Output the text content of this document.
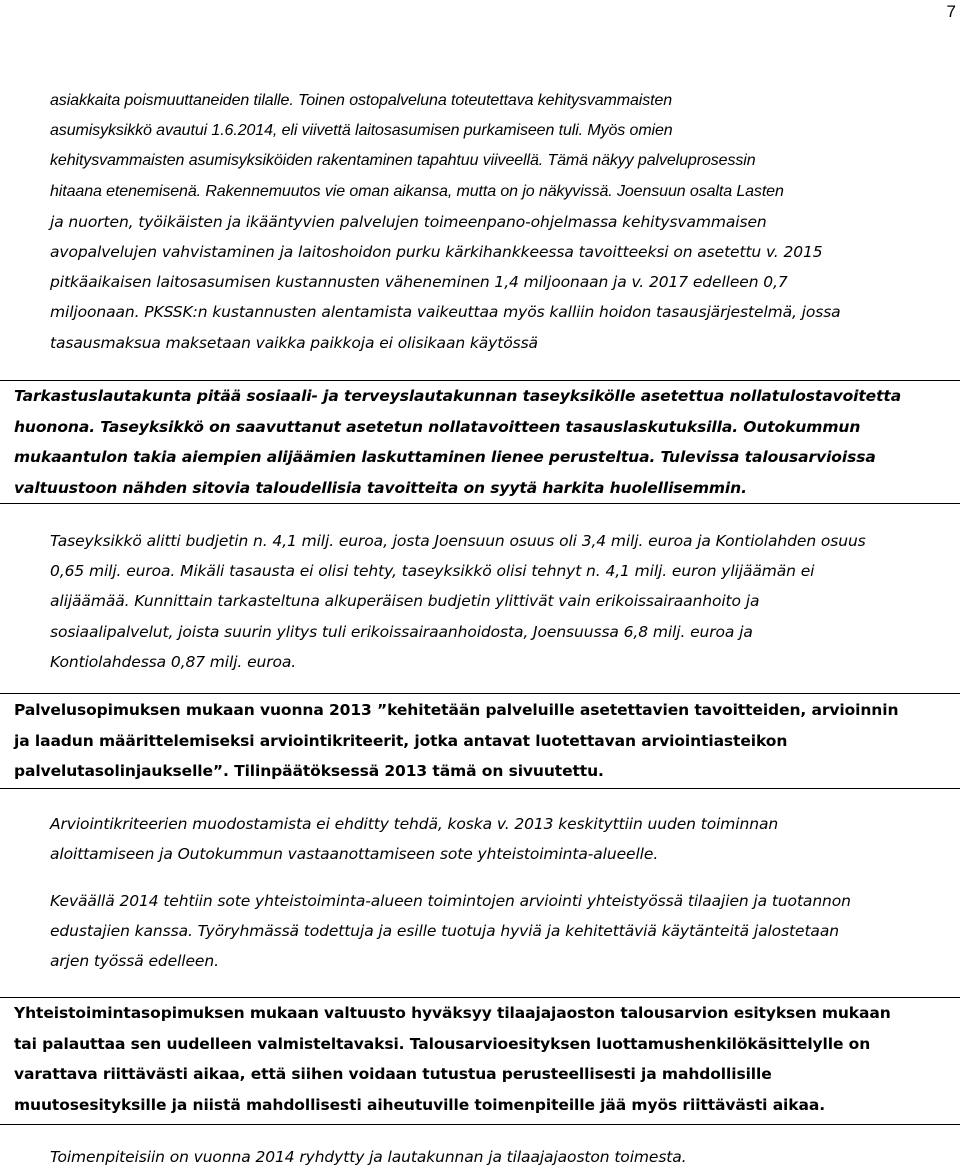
7
asiakkaita poismuuttaneiden tilalle. Toinen ostopalveluna toteutettava kehitysvammaisten
asumisyksikkö avautui 1.6.2014, eli viivettä laitosasumisen purkamiseen tuli. Myös omien
kehitysvammaisten asumisyksiköiden rakentaminen tapahtuu viiveellä. Tämä näkyy palveluprosessin
hitaana etenemisenä. Rakennemuutos vie oman aikansa, mutta on jo näkyvissä. Joensuun osalta Lasten
ja nuorten, työikäisten ja ikääntyvien palvelujen toimeenpano-ohjelmassa kehitysvammaisen
avopalvelujen vahvistaminen ja laitoshoidon purku kärkihankkeessa tavoitteeksi on asetettu v. 2015
pitkäaikaisen laitosasumisen kustannusten väheneminen 1,4 miljoonaan ja v. 2017 edelleen 0,7
miljoonaan. PKSSK:n kustannusten alentamista vaikeuttaa myös kalliin hoidon tasausjärjestelmä, jossa
tasausmaksua maksetaan vaikka paikkoja ei olisikaan käytössä
Tarkastuslautakunta pitää sosiaali- ja terveyslautakunnan taseyksikölle asetettua nollatulostavoitetta
huonona. Taseyksikkö on saavuttanut asetetun nollatavoitteen tasauslaskutuksilla. Outokummun
mukaantulon takia aiempien alijäämien laskuttaminen lienee perusteltua. Tulevissa talousarvioissa
valtuustoon nähden sitovia taloudellisia tavoitteita on syytä harkita huolellisemmin.
Taseyksikkö alitti budjetin n. 4,1 milj. euroa, josta Joensuun osuus oli 3,4 milj. euroa ja Kontiolahden osuus
0,65 milj. euroa. Mikäli tasausta ei olisi tehty, taseyksikkö olisi tehnyt n. 4,1 milj. euron ylijäämän ei
alijäämää. Kunnittain tarkasteltuna alkuperäisen budjetin ylittivät vain erikoissairaanhoito ja
sosiaalipalvelut, joista suurin ylitys tuli erikoissairaanhoidosta, Joensuussa 6,8 milj. euroa ja
Kontiolahdessa 0,87 milj. euroa.
Palvelusopimuksen mukaan vuonna 2013 ”kehitetään palveluille asetettavien tavoitteiden, arvioinnin
ja laadun määrittelemiseksi arviointikriteerit, jotka antavat luotettavan arviointiasteikon
palvelutasolinjaukselle”. Tilinpäätöksessä 2013 tämä on sivuutettu.
Arviointikriteerien muodostamista ei ehditty tehdä, koska v. 2013 keskityttiin uuden toiminnan
aloittamiseen ja Outokummun vastaanottamiseen sote yhteistoiminta-alueelle.
Keväällä 2014 tehtiin sote yhteistoiminta-alueen toimintojen arviointi yhteistyössä tilaajien ja tuotannon
edustajien kanssa. Työryhmässä todettuja ja esille tuotuja hyviä ja kehitettäviä käytänteitä jalostetaan
arjen työssä edelleen.
Yhteistoimintasopimuksen mukaan valtuusto hyväksyy tilaajajaoston talousarvion esityksen mukaan
tai palauttaa sen uudelleen valmisteltavaksi. Talousarvioesityksen luottamushenkilökäsittelylle on
varattava riittävästi aikaa, että siihen voidaan tutustua perusteellisesti ja mahdollisille
muutosesityksille ja niistä mahdollisesti aiheutuville toimenpiteille jää myös riittävästi aikaa.
Toimenpiteisiin on vuonna 2014 ryhdytty ja lautakunnan ja tilaajajaoston toimesta.
